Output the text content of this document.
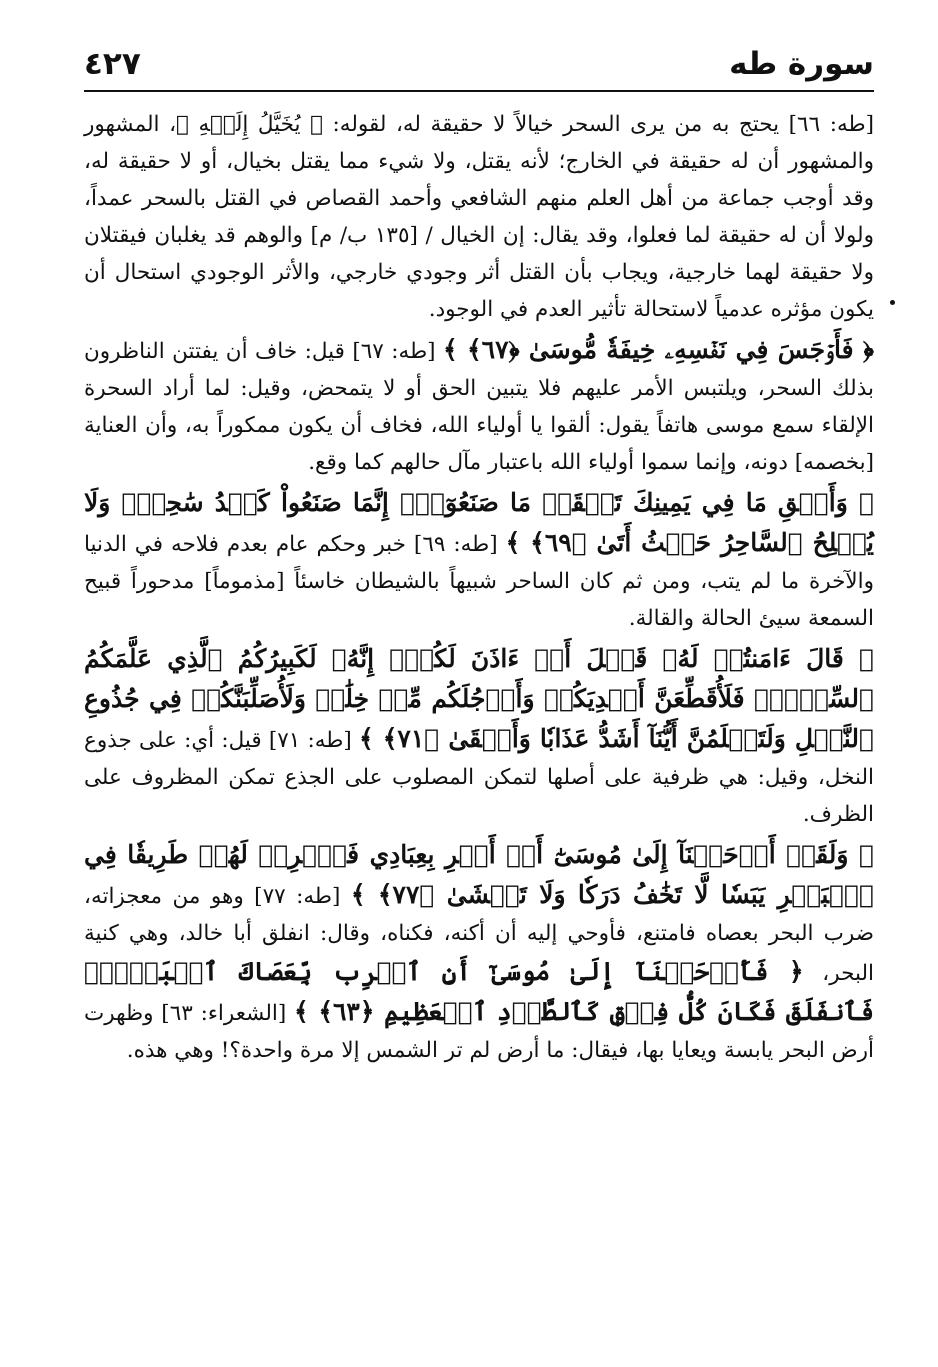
سورة طه
٤٢٧

[طه: ٦٦] يحتج به من يرى السحر خيالاً لا حقيقة له، لقوله: ﴿ يُخَيَّلُ إِلَيۡهِ ﴾، المشهور والمشهور أن له حقيقة في الخارج؛ لأنه يقتل، ولا شيء مما يقتل بخيال، أو لا حقيقة له، وقد أوجب جماعة من أهل العلم منهم الشافعي وأحمد القصاص في القتل بالسحر عمداً، ولولا أن له حقيقة لما فعلوا، وقد يقال: إن الخيال / [١٣٥ ب/ م] والوهم قد يغلبان فيقتلان ولا حقيقة لهما خارجية، ويجاب بأن القتل أثر وجودي خارجي، والأثر الوجودي استحال أن يكون مؤثره عدمياً لاستحالة تأثير العدم في الوجود.

﴿ فَأَوۡجَسَ فِي نَفۡسِهِۦ خِيفَةٗ مُّوسَىٰ ﴿٦٧﴾ ﴾ [طه: ٦٧] قيل: خاف أن يفتتن الناظرون بذلك السحر، ويلتبس الأمر عليهم فلا يتبين الحق أو لا يتمحض، وقيل: لما أراد السحرة الإلقاء سمع موسى هاتفاً يقول: ألقوا يا أولياء الله، فخاف أن يكون ممكوراً به، وأن العناية [بخصمه] دونه، وإنما سموا أولياء الله باعتبار مآل حالهم كما وقع.

﴿ وَأَلۡقِ مَا فِي يَمِينِكَ تَلۡقَفۡ مَا صَنَعُوٓاْۖ إِنَّمَا صَنَعُواْ كَيۡدُ سَٰحِرٖۖ وَلَا يُفۡلِحُ ٱلسَّاحِرُ حَيۡثُ أَتَىٰ ﴿٦٩﴾ ﴾ [طه: ٦٩] خبر وحكم عام بعدم فلاحه في الدنيا والآخرة ما لم يتب، ومن ثم كان الساحر شبيهاً بالشيطان خاسئاً [مذموماً] مدحوراً قبيح السمعة سيئ الحالة والقالة.

﴿ قَالَ ءَامَنتُمۡ لَهُۥ قَبۡلَ أَنۡ ءَاذَنَ لَكُمۡۖ إِنَّهُۥ لَكَبِيرُكُمُ ٱلَّذِي عَلَّمَكُمُ ٱلسِّحۡرَۖ فَلَأُقَطِّعَنَّ أَيۡدِيَكُمۡ وَأَرۡجُلَكُم مِّنۡ خِلَٰفٖ وَلَأُصَلِّبَنَّكُمۡ فِي جُذُوعِ ٱلنَّخۡلِ وَلَتَعۡلَمُنَّ أَيُّنَآ أَشَدُّ عَذَابٗا وَأَبۡقَىٰ ﴿٧١﴾ ﴾ [طه: ٧١] قيل: أي: على جذوع النخل، وقيل: هي ظرفية على أصلها لتمكن المصلوب على الجذع تمكن المظروف على الظرف.

﴿ وَلَقَدۡ أَوۡحَيۡنَآ إِلَىٰ مُوسَىٰٓ أَنۡ أَسۡرِ بِعِبَادِي فَٱضۡرِبۡ لَهُمۡ طَرِيقٗا فِي ٱلۡبَحۡرِ يَبَسٗا لَّا تَخَٰفُ دَرَكٗا وَلَا تَخۡشَىٰ ﴿٧٧﴾ ﴾ [طه: ٧٧] وهو من معجزاته، ضرب البحر بعصاه فامتنع، فأوحي إليه أن أكنه، فكناه، وقال: انفلق أبا خالد، وهي كنية البحر، ﴿ فَأَوۡحَيۡنَآ إِلَىٰ مُوسَىٰٓ أَنِ ٱضۡرِب بِّعَصَاكَ ٱلۡبَحۡرَۖ فَٱنفَلَقَ فَكَانَ كُلُّ فِرۡقٖ كَٱلطَّوۡدِ ٱلۡعَظِيمِ ﴿٦٣﴾ ﴾ [الشعراء: ٦٣] وظهرت أرض البحر يابسة ويعايا بها، فيقال: ما أرض لم تر الشمس إلا مرة واحدة؟! وهي هذه.
